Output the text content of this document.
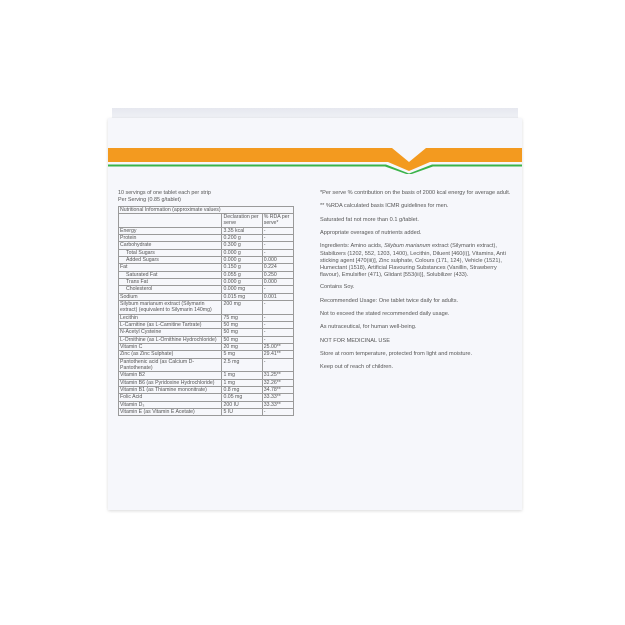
10 servings of one tablet each per strip

Per Serving (0.85 g/tablet)

Nutritional Information (approximate values)		
	Declaration per serve	% RDA per serve*
Energy	3.35 kcal	-
Protein	0.200 g	-
Carbohydrate	0.300 g	-
Total Sugars	0.000 g	-
Added Sugars	0.000 g	0.000
Fat	0.150 g	0.224
Saturated Fat	0.055 g	0.250
Trans Fat	0.000 g	0.000
Cholesterol	0.000 mg	-
Sodium	0.015 mg	0.001
Silybum marianum extract (Silymarin extract) (equivalent to Silymarin 140mg)	200 mg	-
Lecithin	75 mg	-
L-Carnitine (as L-Carnitine Tartrate)	50 mg	-
N-Acetyl Cysteine	50 mg	-
L-Ornithine (as L-Ornithine Hydrochloride)	50 mg	-
Vitamin C	20 mg	25.00**
Zinc (as Zinc Sulphate)	5 mg	29.41**
Pantothenic acid (as Calcium D-Pantothenate)	2.5 mg	-
Vitamin B2	1 mg	31.25**
Vitamin B6 (as Pyridoxine Hydrochloride)	1 mg	32.26**
Vitamin B1 (as Thiamine mononitrate)	0.8 mg	34.78**
Folic Acid	0.05 mg	33.33**
Vitamin D₃	200 IU	33.33**
Vitamin E (as Vitamin E Acetate)	5 IU	-

*Per serve % contribution on the basis of 2000 kcal energy for average adult.

** %RDA calculated basis ICMR guidelines for men.

Saturated fat not more than 0.1 g/tablet.

Appropriate overages of nutrients added.

Ingredients: Amino acids, Silybum marianum extract (Silymarin extract), Stabilizers (1202, 552, 1203, 1400), Lecithin, Diluent [460(i)], Vitamins, Anti sticking agent [470(iii)], Zinc sulphate, Colours (171, 124), Vehicle (1521), Humectant (1518), Artificial Flavouring Substances (Vanillin, Strawberry flavour), Emulsifier (471), Glidant [553(iii)], Solubilizer (433).

Contains Soy.

Recommended Usage: One tablet twice daily for adults.

Not to exceed the stated recommended daily usage.

As nutraceutical, for human well-being.

NOT FOR MEDICINAL USE

Store at room temperature, protected from light and moisture.

Keep out of reach of children.
